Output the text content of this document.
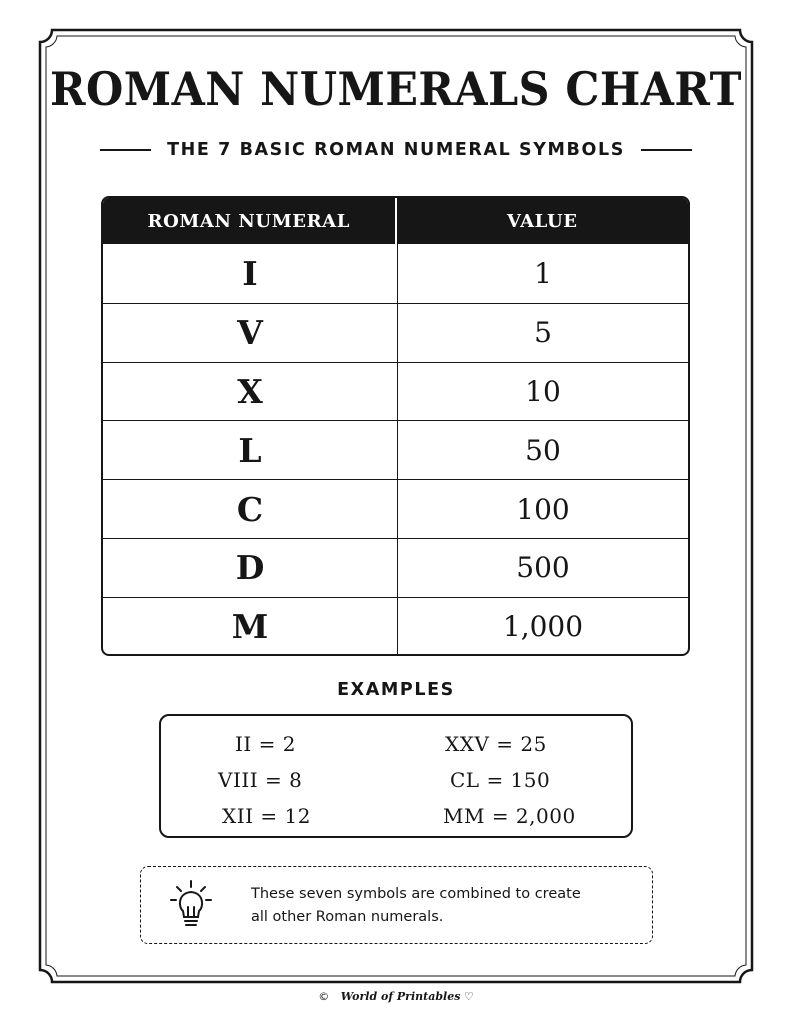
ROMAN NUMERALS CHART
THE 7 BASIC ROMAN NUMERAL SYMBOLS
ROMAN NUMERAL	VALUE
I	1
V	5
X	10
L	50
C	100
D	500
M	1,000
EXAMPLES
II = 2
VIII = 8
XII = 12
XXV = 25
CL = 150
MM = 2,000
These seven symbols are combined to create
all other Roman numerals.
© World of Printables ♡
